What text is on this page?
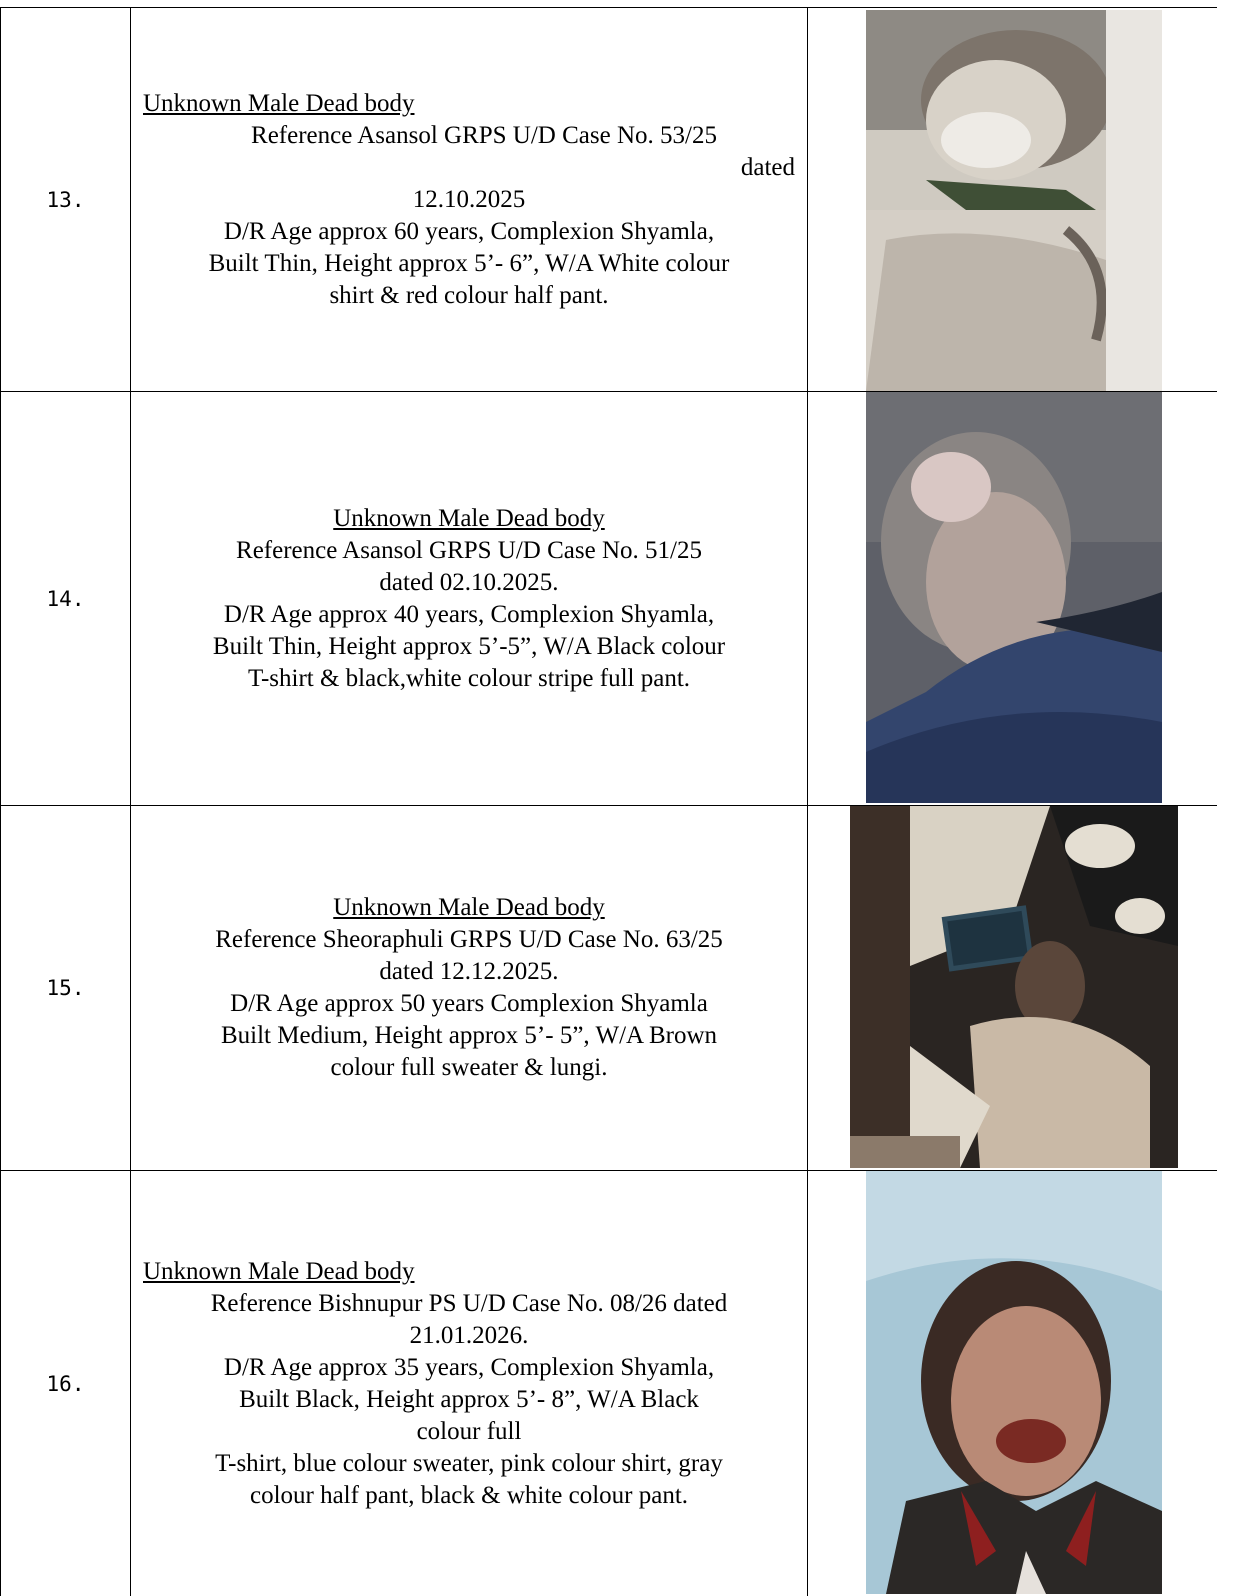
13.
Unknown Male Dead body
Reference Asansol GRPS U/D Case No. 53/25
dated
12.10.2025
D/R Age approx 60 years, Complexion Shyamla,
Built Thin, Height approx 5’- 6”, W/A White colour
shirt & red colour half pant.
14.
Unknown Male Dead body
Reference Asansol GRPS U/D Case No. 51/25
dated 02.10.2025.
D/R Age approx 40 years, Complexion Shyamla,
Built Thin, Height approx 5’-5”, W/A Black colour
T-shirt & black,white colour stripe full pant.
15.
Unknown Male Dead body
Reference Sheoraphuli GRPS U/D Case No. 63/25
dated 12.12.2025.
D/R Age approx 50 years Complexion Shyamla
Built Medium, Height approx 5’- 5”, W/A Brown
colour full sweater & lungi.
16.
Unknown Male Dead body
Reference Bishnupur PS U/D Case No. 08/26 dated
21.01.2026.
D/R Age approx 35 years, Complexion Shyamla,
Built Black, Height approx 5’- 8”, W/A Black
colour full
T-shirt, blue colour sweater, pink colour shirt, gray
colour half pant, black & white colour pant.
